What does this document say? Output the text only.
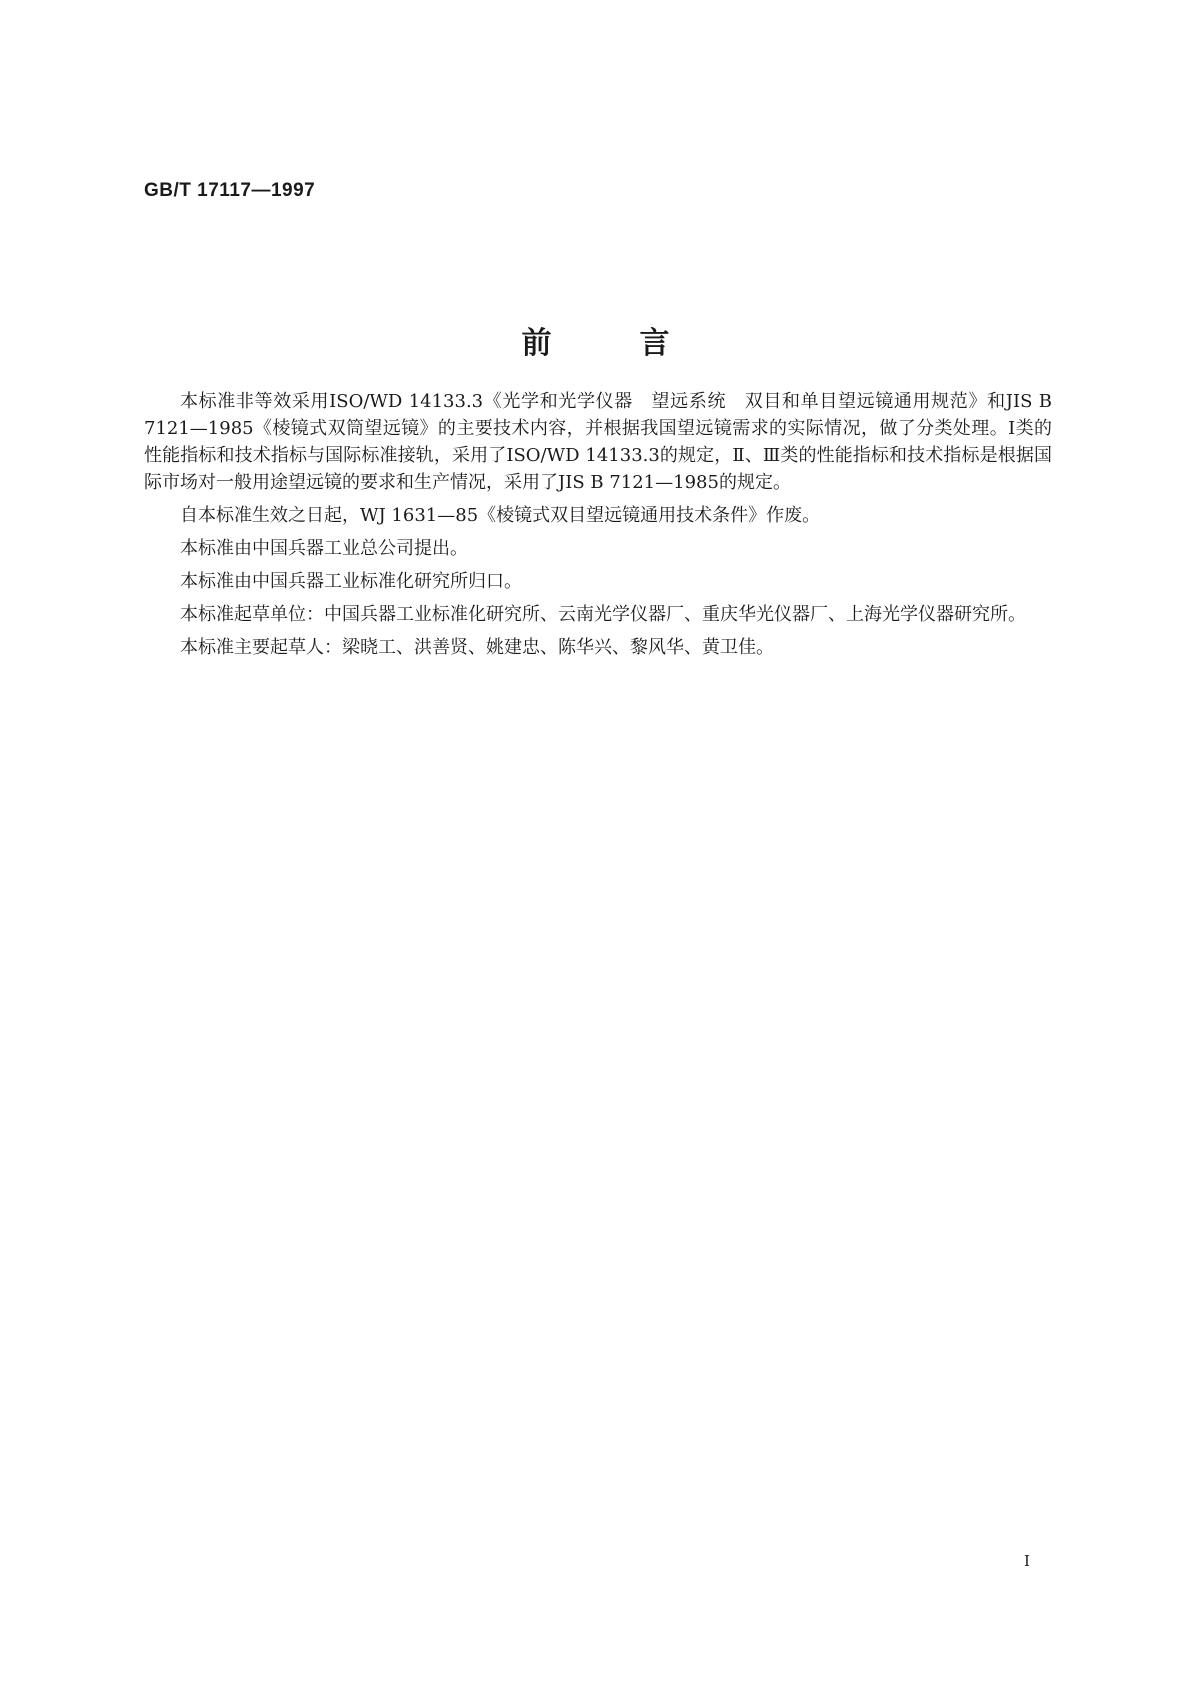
GB/T 17117—1997
前言

本标准非等效采用ISO/WD 14133.3《光学和光学仪器　望远系统　双目和单目望远镜通用规范》和JIS B 7121—1985《棱镜式双筒望远镜》的主要技术内容，并根据我国望远镜需求的实际情况，做了分类处理。Ⅰ类的性能指标和技术指标与国际标准接轨，采用了ISO/WD 14133.3的规定，Ⅱ、Ⅲ类的性能指标和技术指标是根据国际市场对一般用途望远镜的要求和生产情况，采用了JIS B 7121—1985的规定。

自本标准生效之日起，WJ 1631—85《棱镜式双目望远镜通用技术条件》作废。

本标准由中国兵器工业总公司提出。

本标准由中国兵器工业标准化研究所归口。

本标准起草单位：中国兵器工业标准化研究所、云南光学仪器厂、重庆华光仪器厂、上海光学仪器研究所。

本标准主要起草人：梁晓工、洪善贤、姚建忠、陈华兴、黎风华、黄卫佳。

Ⅰ
